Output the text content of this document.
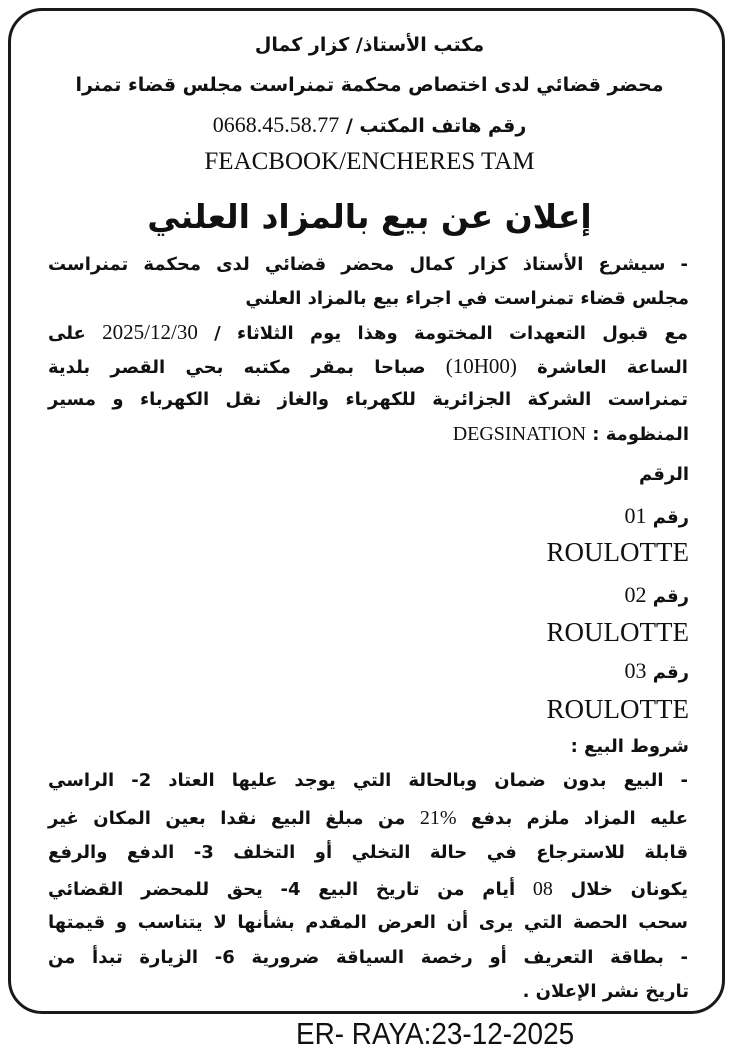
مكتب الأستاذ/ كزار كمال
محضر قضائي لدى اختصاص محكمة تمنراست مجلس قضاء تمنرا
رقم هاتف المكتب / 0668.45.58.77
FEACBOOK/ENCHERES TAM
إعلان عن بيع بالمزاد العلني
- سيشرع الأستاذ كزار كمال محضر قضائي لدى محكمة تمنراست
مجلس قضاء تمنراست في اجراء بيع بالمزاد العلني
مع قبول التعهدات المختومة وهذا يوم الثلاثاء / 2025/12/30 على
الساعة العاشرة (10H00) صباحا بمقر مكتبه بحي القصر بلدية
تمنراست الشركة الجزائرية للكهرباء والغاز نقل الكهرباء و مسير
المنظومة : DEGSINATION
الرقم
رقم 01
ROULOTTE
رقم 02
ROULOTTE
رقم 03
ROULOTTE
شروط البيع :
- البيع بدون ضمان وبالحالة التي يوجد عليها العتاد 2- الراسي
عليه المزاد ملزم بدفع 21% من مبلغ البيع نقدا بعين المكان غير
قابلة للاسترجاع في حالة التخلي أو التخلف 3- الدفع والرفع
يكونان خلال 08 أيام من تاريخ البيع 4- يحق للمحضر القضائي
سحب الحصة التي يرى أن العرض المقدم بشأنها لا يتناسب و قيمتها
- بطاقة التعريف أو رخصة السياقة ضرورية 6- الزيارة تبدأ من
تاريخ نشر الإعلان .
ER- RAYA:23-12-2025
